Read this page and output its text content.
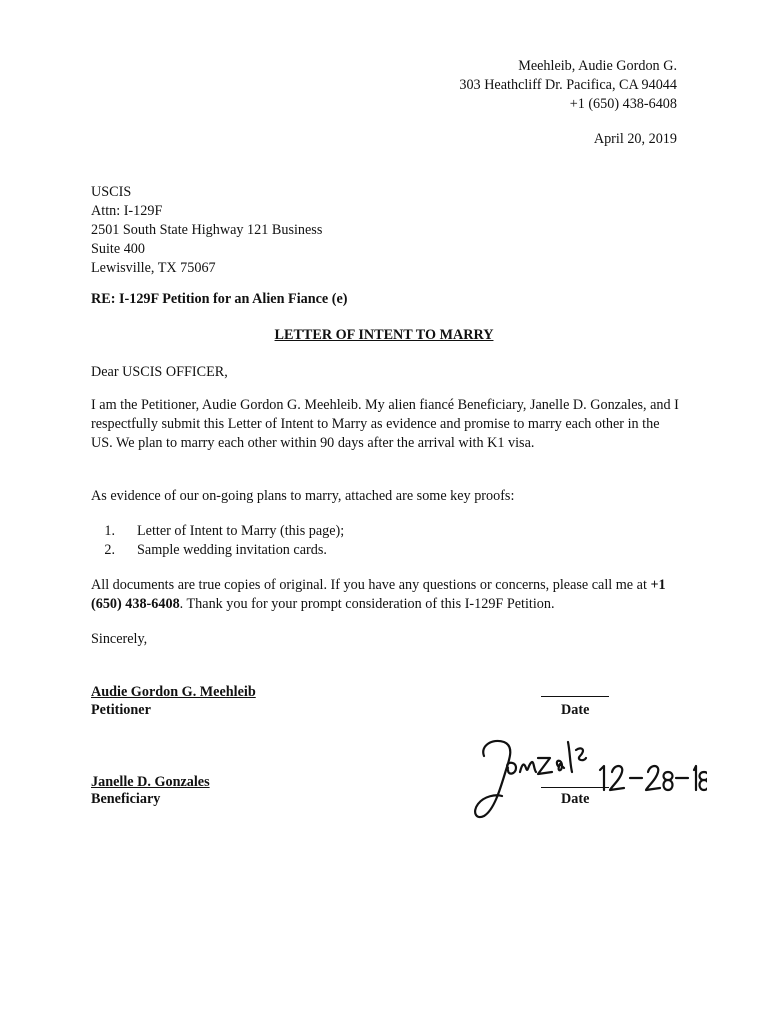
Meehleib, Audie Gordon G.
303 Heathcliff Dr. Pacifica, CA 94044
+1 (650) 438-6408
April 20, 2019
USCIS
Attn: I-129F
2501 South State Highway 121 Business
Suite 400
Lewisville, TX 75067
RE: I-129F Petition for an Alien Fiance (e)
LETTER OF INTENT TO MARRY
Dear USCIS OFFICER,
I am the Petitioner, Audie Gordon G. Meehleib. My alien fiancé Beneficiary, Janelle D. Gonzales, and I respectfully submit this Letter of Intent to Marry as evidence and promise to marry each other in the US. We plan to marry each other within 90 days after the arrival with K1 visa.
As evidence of our on-going plans to marry, attached are some key proofs:
1. Letter of Intent to Marry (this page);
2. Sample wedding invitation cards.
All documents are true copies of original. If you have any questions or concerns, please call me at +1 (650) 438-6408. Thank you for your prompt consideration of this I-129F Petition.
Sincerely,
Audie Gordon G. Meehleib
Petitioner	Date
Janelle D. Gonzales
Beneficiary	Date
